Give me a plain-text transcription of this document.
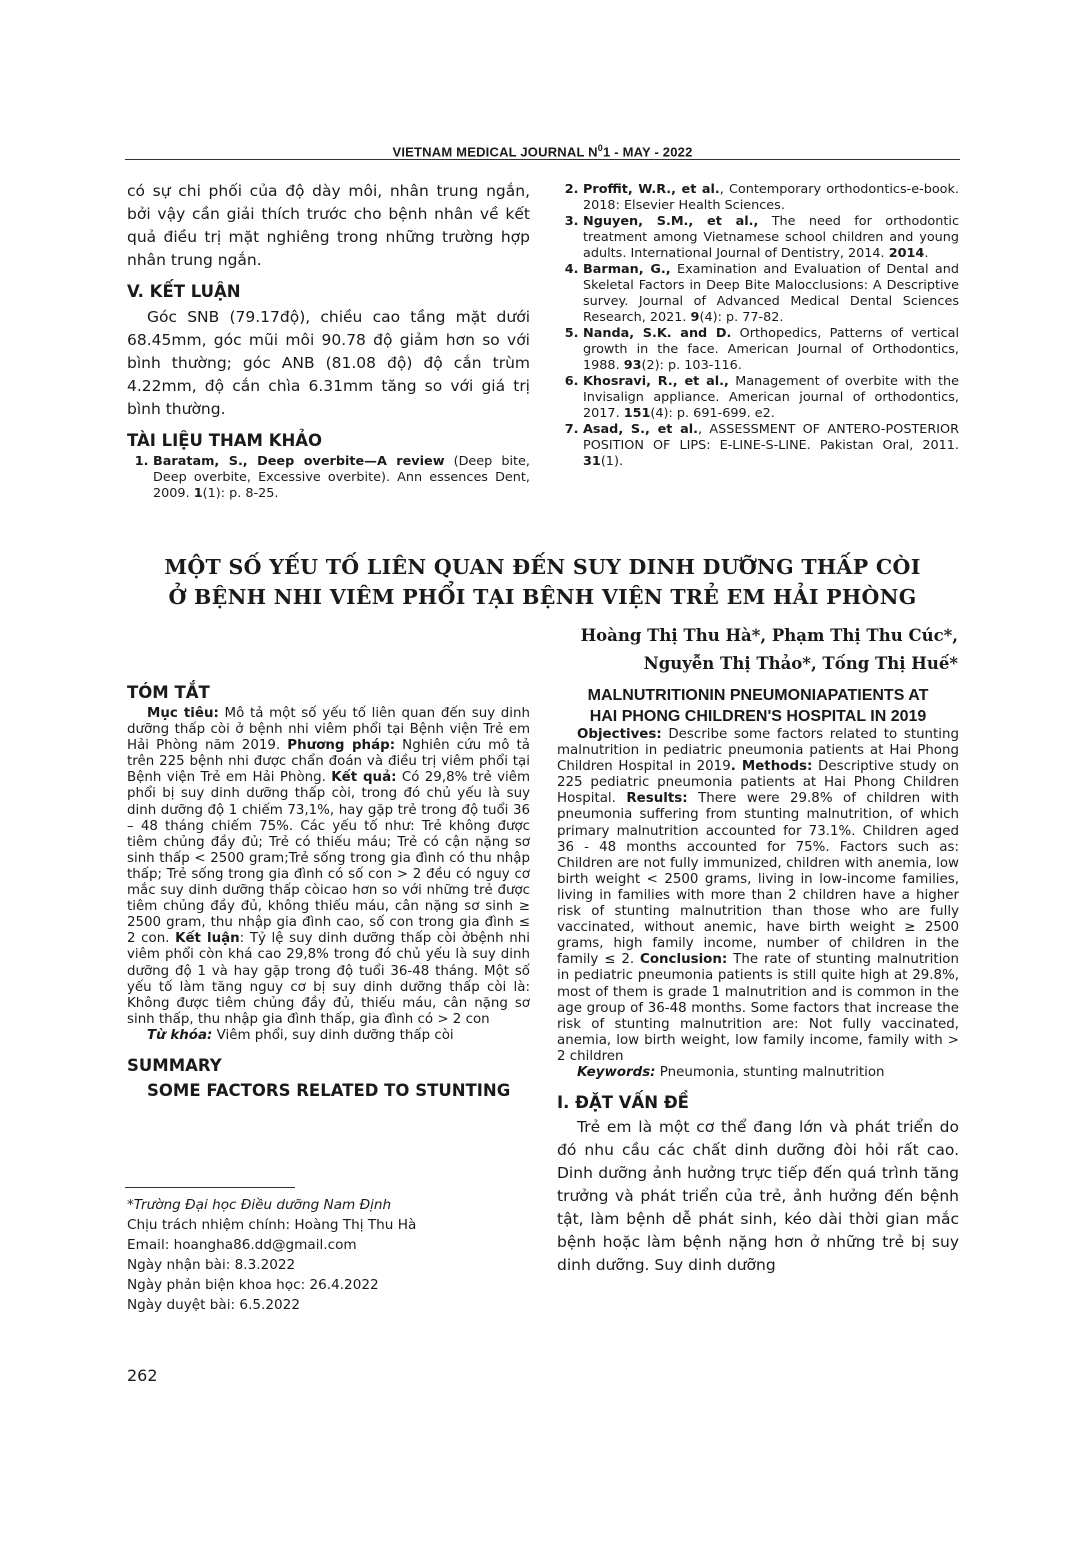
VIETNAM MEDICAL JOURNAL $N^01$ - MAY - 2022
có sự chi phối của độ dày môi, nhân trung ngắn, bởi vậy cần giải thích trước cho bệnh nhân về kết quả điều trị mặt nghiêng trong những trường hợp nhân trung ngắn.
V. KẾT LUẬN
Góc SNB (79.17độ), chiều cao tầng mặt dưới 68.45mm, góc mũi môi 90.78 độ giảm hơn so với bình thường; góc ANB (81.08 độ) độ cắn trùm 4.22mm, độ cắn chìa 6.31mm tăng so với giá trị bình thường.
TÀI LIỆU THAM KHẢO
1. Baratam, S., Deep overbite—A review (Deep bite, Deep overbite, Excessive overbite). Ann essences Dent, 2009. 1(1): p. 8-25.
2. Proffit, W.R., et al., Contemporary orthodontics-e-book. 2018: Elsevier Health Sciences.
3. Nguyen, S.M., et al., The need for orthodontic treatment among Vietnamese school children and young adults. International Journal of Dentistry, 2014. 2014.
4. Barman, G., Examination and Evaluation of Dental and Skeletal Factors in Deep Bite Malocclusions: A Descriptive survey. Journal of Advanced Medical Dental Sciences Research, 2021. 9(4): p. 77-82.
5. Nanda, S.K. and D. Orthopedics, Patterns of vertical growth in the face. American Journal of Orthodontics, 1988. 93(2): p. 103-116.
6. Khosravi, R., et al., Management of overbite with the Invisalign appliance. American journal of orthodontics, 2017. 151(4): p. 691-699. e2.
7. Asad, S., et al., ASSESSMENT OF ANTERO-POSTERIOR POSITION OF LIPS: E-LINE-S-LINE. Pakistan Oral, 2011. 31(1).
MỘT SỐ YẾU TỐ LIÊN QUAN ĐẾN SUY DINH DƯỠNG THẤP CÒI
Ở BỆNH NHI VIÊM PHỔI TẠI BỆNH VIỆN TRẺ EM HẢI PHÒNG
Hoàng Thị Thu Hà*, Phạm Thị Thu Cúc*,
Nguyễn Thị Thảo*, Tống Thị Huế*
TÓM TẮT

Mục tiêu: Mô tả một số yếu tố liên quan đến suy dinh dưỡng thấp còi ở bệnh nhi viêm phổi tại Bệnh viện Trẻ em Hải Phòng năm 2019. Phương pháp: Nghiên cứu mô tả trên 225 bệnh nhi được chẩn đoán và điều trị viêm phổi tại Bệnh viện Trẻ em Hải Phòng. Kết quả: Có 29,8% trẻ viêm phổi bị suy dinh dưỡng thấp còi, trong đó chủ yếu là suy dinh dưỡng độ 1 chiếm 73,1%, hay gặp trẻ trong độ tuổi 36 – 48 tháng chiếm 75%. Các yếu tố như: Trẻ không được tiêm chủng đầy đủ; Trẻ có thiếu máu; Trẻ có cận nặng sơ sinh thấp < 2500 gram;Trẻ sống trong gia đình có thu nhập thấp; Trẻ sống trong gia đình có số con > 2 đều có nguy cơ mắc suy dinh dưỡng thấp còicao hơn so với những trẻ được tiêm chủng đầy đủ, không thiếu máu, cân nặng sơ sinh ≥ 2500 gram, thu nhập gia đình cao, số con trong gia đình ≤ 2 con. Kết luận: Tỷ lệ suy dinh dưỡng thấp còi ởbệnh nhi viêm phổi còn khá cao 29,8% trong đó chủ yếu là suy dinh dưỡng độ 1 và hay gặp trong độ tuổi 36-48 tháng. Một số yếu tố làm tăng nguy cơ bị suy dinh dưỡng thấp còi là: Không được tiêm chủng đầy đủ, thiếu máu, cân nặng sơ sinh thấp, thu nhập gia đình thấp, gia đình có > 2 con

Từ khóa: Viêm phổi, suy dinh dưỡng thấp còi

SUMMARY
SOME FACTORS RELATED TO STUNTING
*Trường Đại học Điều dưỡng Nam Định
Chịu trách nhiệm chính: Hoàng Thị Thu Hà
Email: hoangha86.dd@gmail.com
Ngày nhận bài: 8.3.2022
Ngày phản biện khoa học: 26.4.2022
Ngày duyệt bài: 6.5.2022
262
MALNUTRITIONIN PNEUMONIAPATIENTS AT
HAI PHONG CHILDREN'S HOSPITAL IN 2019

Objectives: Describe some factors related to stunting malnutrition in pediatric pneumonia patients at Hai Phong Children Hospital in 2019. Methods: Descriptive study on 225 pediatric pneumonia patients at Hai Phong Children Hospital. Results: There were 29.8% of children with pneumonia suffering from stunting malnutrition, of which primary malnutrition accounted for 73.1%. Children aged 36 - 48 months accounted for 75%. Factors such as: Children are not fully immunized, children with anemia, low birth weight < 2500 grams, living in low-income families, living in families with more than 2 children have a higher risk of stunting malnutrition than those who are fully vaccinated, without anemic, have birth weight ≥ 2500 grams, high family income, number of children in the family ≤ 2. Conclusion: The rate of stunting malnutrition in pediatric pneumonia patients is still quite high at 29.8%, most of them is grade 1 malnutrition and is common in the age group of 36-48 months. Some factors that increase the risk of stunting malnutrition are: Not fully vaccinated, anemia, low birth weight, low family income, family with > 2 children

Keywords: Pneumonia, stunting malnutrition

I. ĐẶT VẤN ĐỀ
Trẻ em là một cơ thể đang lớn và phát triển do đó nhu cầu các chất dinh dưỡng đòi hỏi rất cao. Dinh dưỡng ảnh hưởng trực tiếp đến quá trình tăng trưởng và phát triển của trẻ, ảnh hưởng đến bệnh tật, làm bệnh dễ phát sinh, kéo dài thời gian mắc bệnh hoặc làm bệnh nặng hơn ở những trẻ bị suy dinh dưỡng. Suy dinh dưỡng
